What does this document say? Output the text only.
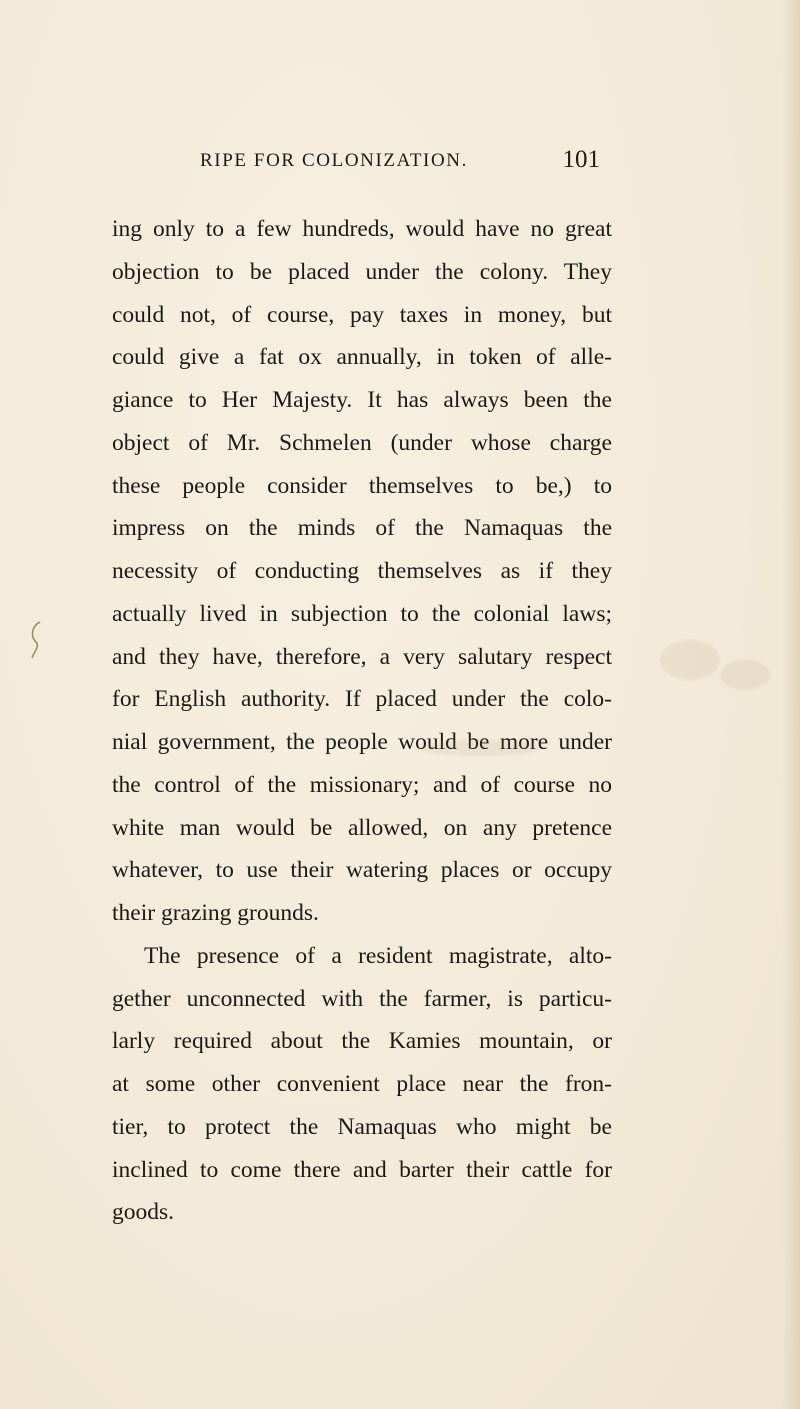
RIPE FOR COLONIZATION.	101
ing only to a few hundreds, would have no great
objection to be placed under the colony. They
could not, of course, pay taxes in money, but
could give a fat ox annually, in token of alle-
giance to Her Majesty. It has always been the
object of Mr. Schmelen (under whose charge
these people consider themselves to be,) to
impress on the minds of the Namaquas the
necessity of conducting themselves as if they
actually lived in subjection to the colonial laws;
and they have, therefore, a very salutary respect
for English authority. If placed under the colo-
nial government, the people would be more under
the control of the missionary; and of course no
white man would be allowed, on any pretence
whatever, to use their watering places or occupy
their grazing grounds.
The presence of a resident magistrate, alto-
gether unconnected with the farmer, is particu-
larly required about the Kamies mountain, or
at some other convenient place near the fron-
tier, to protect the Namaquas who might be
inclined to come there and barter their cattle for
goods.
